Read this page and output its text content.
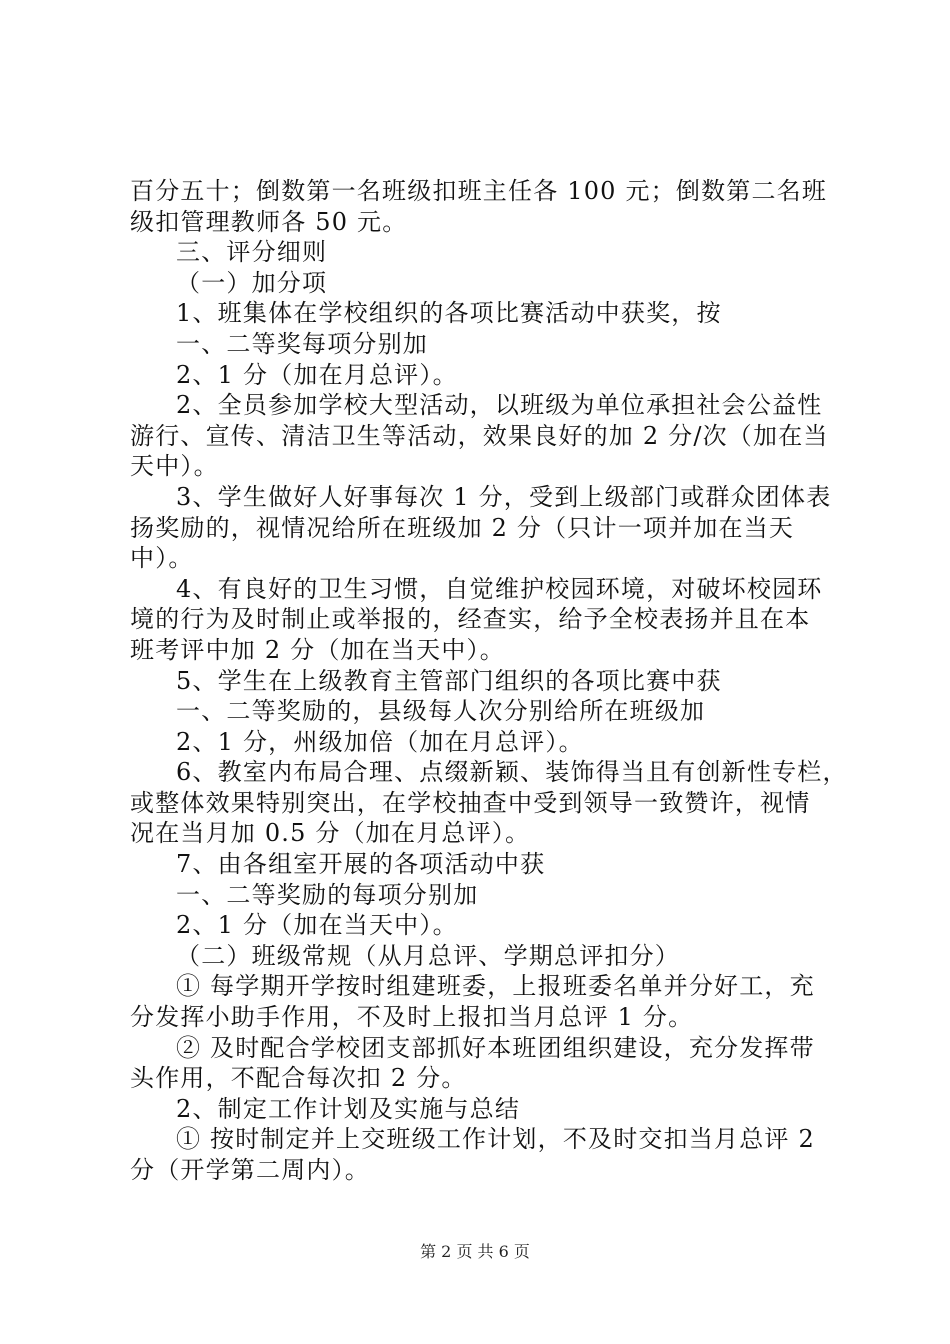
百分五十；倒数第一名班级扣班主任各 100 元；倒数第二名班
级扣管理教师各 50 元。
三、评分细则
（一）加分项
1、班集体在学校组织的各项比赛活动中获奖，按
一、二等奖每项分别加
2、1 分（加在月总评）。
2、全员参加学校大型活动，以班级为单位承担社会公益性
游行、宣传、清洁卫生等活动，效果良好的加 2 分/次（加在当
天中）。
3、学生做好人好事每次 1 分，受到上级部门或群众团体表
扬奖励的，视情况给所在班级加 2 分（只计一项并加在当天
中）。
4、有良好的卫生习惯，自觉维护校园环境，对破坏校园环
境的行为及时制止或举报的，经查实，给予全校表扬并且在本
班考评中加 2 分（加在当天中）。
5、学生在上级教育主管部门组织的各项比赛中获
一、二等奖励的，县级每人次分别给所在班级加
2、1 分，州级加倍（加在月总评）。
6、教室内布局合理、点缀新颖、装饰得当且有创新性专栏，
或整体效果特别突出，在学校抽查中受到领导一致赞许，视情
况在当月加 0.5 分（加在月总评）。
7、由各组室开展的各项活动中获
一、二等奖励的每项分别加
2、1 分（加在当天中）。
（二）班级常规（从月总评、学期总评扣分）
① 每学期开学按时组建班委，上报班委名单并分好工，充
分发挥小助手作用，不及时上报扣当月总评 1 分。
② 及时配合学校团支部抓好本班团组织建设，充分发挥带
头作用，不配合每次扣 2 分。
2、制定工作计划及实施与总结
① 按时制定并上交班级工作计划，不及时交扣当月总评 2
分（开学第二周内）。
第 2 页 共 6 页
